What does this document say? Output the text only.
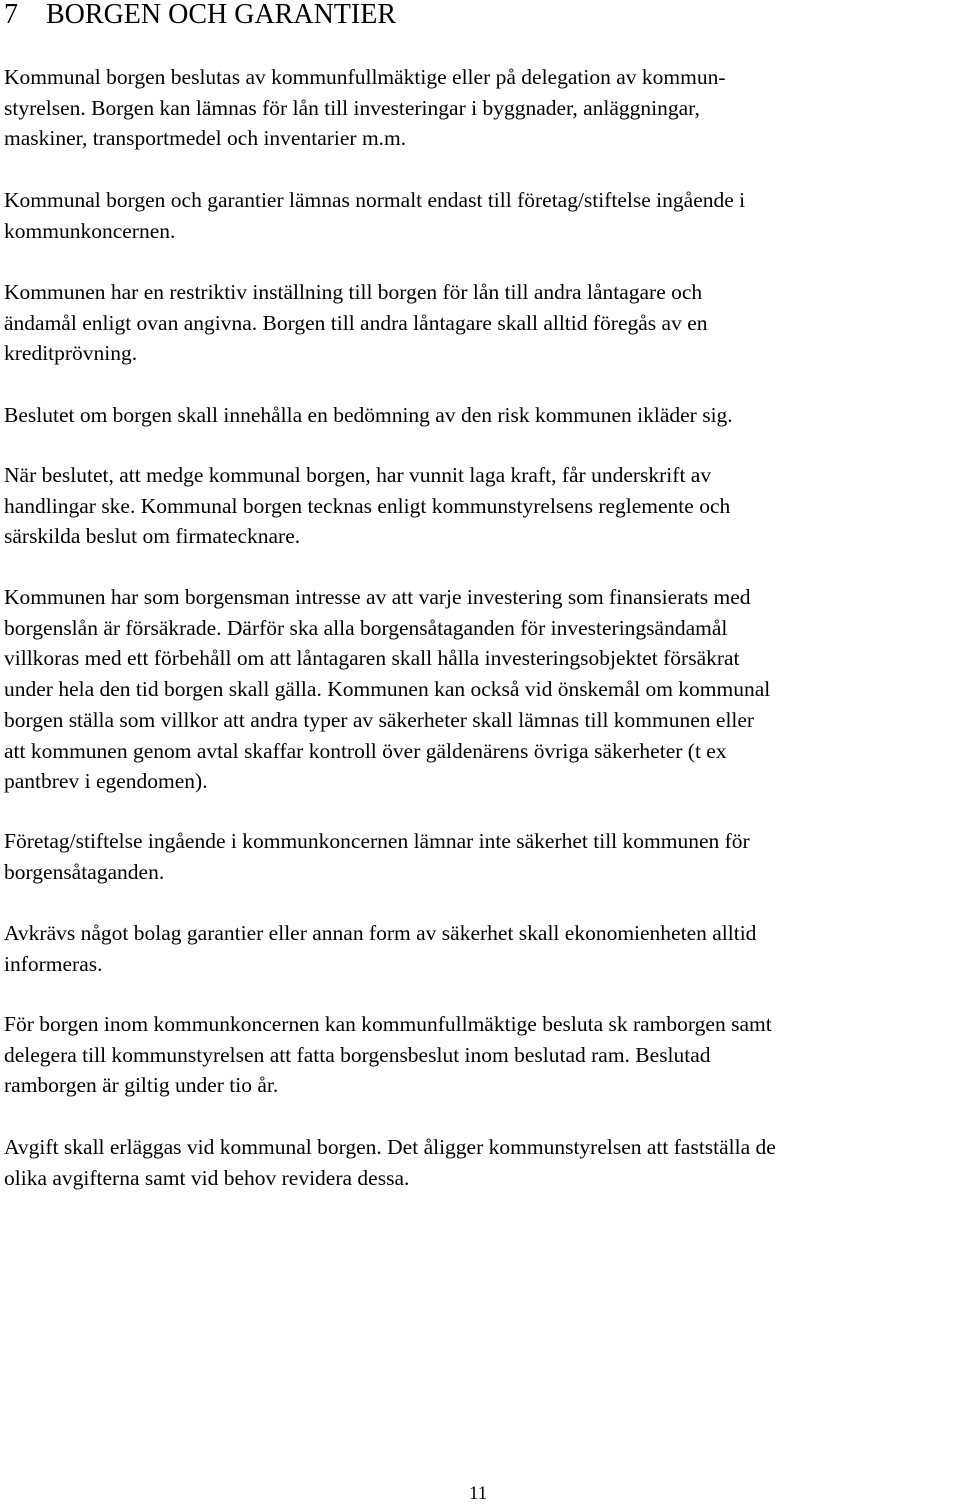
7    BORGEN OCH GARANTIER

Kommunal borgen beslutas av kommunfullmäktige eller på delegation av kommun-
styrelsen. Borgen kan lämnas för lån till investeringar i byggnader, anläggningar,
maskiner, transportmedel och inventarier m.m.

Kommunal borgen och garantier lämnas normalt endast till företag/stiftelse ingående i
kommunkoncernen.

Kommunen har en restriktiv inställning till borgen för lån till andra låntagare och
ändamål enligt ovan angivna. Borgen till andra låntagare skall alltid föregås av en
kreditprövning.

Beslutet om borgen skall innehålla en bedömning av den risk kommunen ikläder sig.

När beslutet, att medge kommunal borgen, har vunnit laga kraft, får underskrift av
handlingar ske. Kommunal borgen tecknas enligt kommunstyrelsens reglemente och
särskilda beslut om firmatecknare.

Kommunen har som borgensman intresse av att varje investering som finansierats med
borgenslån är försäkrade. Därför ska alla borgensåtaganden för investeringsändamål
villkoras med ett förbehåll om att låntagaren skall hålla investeringsobjektet försäkrat
under hela den tid borgen skall gälla. Kommunen kan också vid önskemål om kommunal
borgen ställa som villkor att andra typer av säkerheter skall lämnas till kommunen eller
att kommunen genom avtal skaffar kontroll över gäldenärens övriga säkerheter (t ex
pantbrev i egendomen).

Företag/stiftelse ingående i kommunkoncernen lämnar inte säkerhet till kommunen för
borgensåtaganden.

Avkrävs något bolag garantier eller annan form av säkerhet skall ekonomienheten alltid
informeras.

För borgen inom kommunkoncernen kan kommunfullmäktige besluta sk ramborgen samt
delegera till kommunstyrelsen att fatta borgensbeslut inom beslutad ram. Beslutad
ramborgen är giltig under tio år.

Avgift skall erläggas vid kommunal borgen. Det åligger kommunstyrelsen att fastställa de
olika avgifterna samt vid behov revidera dessa.

11
